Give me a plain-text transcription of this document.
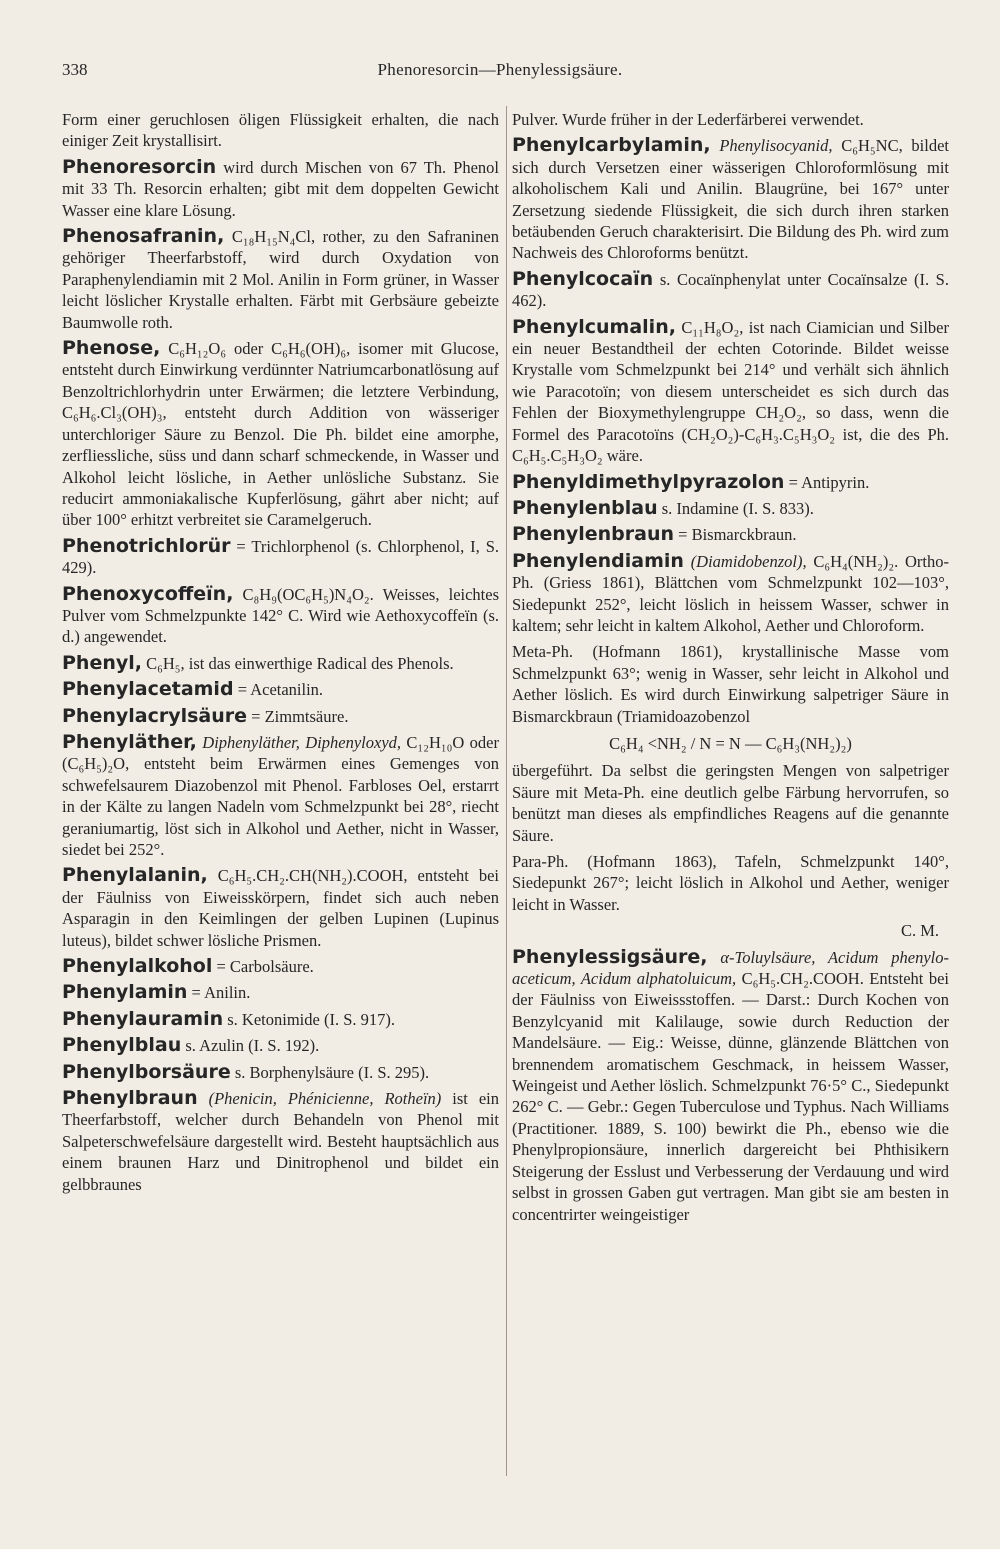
338	Phenoresorcin—Phenylessigsäure.
Form einer geruchlosen öligen Flüssigkeit erhalten, die nach einiger Zeit krystallisirt.
Phenoresorcin wird durch Mischen von 67 Th. Phenol mit 33 Th. Resorcin erhalten; gibt mit dem doppelten Gewicht Wasser eine klare Lösung.
Phenosafranin, C₁₈H₁₅N₄Cl, rother, zu den Safraninen gehöriger Theerfarbstoff, wird durch Oxydation von Paraphenylendiamin mit 2 Mol. Anilin in Form grüner, in Wasser leicht löslicher Krystalle erhalten. Färbt mit Gerbsäure gebeizte Baumwolle roth.
Phenose, C₆H₁₂O₆ oder C₆H₆(OH)₆, isomer mit Glucose, entsteht durch Einwirkung verdünnter Natriumcarbonatlösung auf Benzoltrichlorhydrin unter Erwärmen; die letztere Verbindung, C₆H₆.Cl₃(OH)₃, entsteht durch Addition von wässeriger unterchloriger Säure zu Benzol. Die Ph. bildet eine amorphe, zerfliessliche, süss und dann scharf schmeckende, in Wasser und Alkohol leicht lösliche, in Aether unlösliche Substanz. Sie reducirt ammoniakalische Kupferlösung, gährt aber nicht; auf über 100° erhitzt verbreitet sie Caramelgeruch.
Phenotrichlorür = Trichlorphenol (s. Chlorphenol, I, S. 429).
Phenoxycoffeïn, C₈H₉(OC₆H₅)N₄O₂. Weisses, leichtes Pulver vom Schmelzpunkte 142° C. Wird wie Aethoxycoffeïn (s. d.) angewendet.
Phenyl, C₆H₅, ist das einwerthige Radical des Phenols.
Phenylacetamid = Acetanilin.
Phenylacrylsäure = Zimmtsäure.
Phenyläther, Diphenyläther, Diphenyloxyd, C₁₂H₁₀O oder (C₆H₅)₂O, entsteht beim Erwärmen eines Gemenges von schwefelsaurem Diazobenzol mit Phenol. Farbloses Oel, erstarrt in der Kälte zu langen Nadeln vom Schmelzpunkt bei 28°, riecht geraniumartig, löst sich in Alkohol und Aether, nicht in Wasser, siedet bei 252°.
Phenylalanin, C₆H₅.CH₂.CH(NH₂).COOH, entsteht bei der Fäulniss von Eiweisskörpern, findet sich auch neben Asparagin in den Keimlingen der gelben Lupinen (Lupinus luteus), bildet schwer lösliche Prismen.
Phenylalkohol = Carbolsäure.
Phenylamin = Anilin.
Phenylauramin s. Ketonimide (I. S. 917).
Phenylblau s. Azulin (I. S. 192).
Phenylborsäure s. Borphenylsäure (I. S. 295).
Phenylbraun (Phenicin, Phénicienne, Rotheïn) ist ein Theerfarbstoff, welcher durch Behandeln von Phenol mit Salpeterschwefelsäure dargestellt wird. Besteht hauptsächlich aus einem braunen Harz und Dinitrophenol und bildet ein gelbbraunes
Pulver. Wurde früher in der Lederfärberei verwendet.
Phenylcarbylamin, Phenylisocyanid, C₆H₅NC, bildet sich durch Versetzen einer wässerigen Chloroformlösung mit alkoholischem Kali und Anilin. Blaugrüne, bei 167° unter Zersetzung siedende Flüssigkeit, die sich durch ihren starken betäubenden Geruch charakterisirt. Die Bildung des Ph. wird zum Nachweis des Chloroforms benützt.
Phenylcocaïn s. Cocaïnphenylat unter Cocaïnsalze (I. S. 462).
Phenylcumalin, C₁₁H₈O₂, ist nach Ciamician und Silber ein neuer Bestandtheil der echten Cotorinde. Bildet weisse Krystalle vom Schmelzpunkt bei 214° und verhält sich ähnlich wie Paracotoïn; von diesem unterscheidet es sich durch das Fehlen der Bioxymethylengruppe CH₂O₂, so dass, wenn die Formel des Paracotoïns (CH₂O₂)-C₆H₃.C₅H₃O₂ ist, die des Ph. C₆H₅.C₅H₃O₂ wäre.
Phenyldimethylpyrazolon = Antipyrin.
Phenylenblau s. Indamine (I. S. 833).
Phenylenbraun = Bismarckbraun.
Phenylendiamin (Diamidobenzol), C₆H₄(NH₂)₂. Ortho-Ph. (Griess 1861), Blättchen vom Schmelzpunkt 102—103°, Siedepunkt 252°, leicht löslich in heissem Wasser, schwer in kaltem; sehr leicht in kaltem Alkohol, Aether und Chloroform.
Meta-Ph. (Hofmann 1861), krystallinische Masse vom Schmelzpunkt 63°; wenig in Wasser, sehr leicht in Alkohol und Aether löslich. Es wird durch Einwirkung salpetriger Säure in Bismarckbraun (Triamidoazobenzol
C₆H₄ <NH₂ / N = N — C₆H₃(NH₂)₂)
übergeführt. Da selbst die geringsten Mengen von salpetriger Säure mit Meta-Ph. eine deutlich gelbe Färbung hervorrufen, so benützt man dieses als empfindliches Reagens auf die genannte Säure.
Para-Ph. (Hofmann 1863), Tafeln, Schmelzpunkt 140°, Siedepunkt 267°; leicht löslich in Alkohol und Aether, weniger leicht in Wasser.
C. M.
Phenylessigsäure, α-Toluylsäure, Acidum phenylo-aceticum, Acidum alphatoluicum, C₆H₅.CH₂.COOH. Entsteht bei der Fäulniss von Eiweissstoffen. — Darst.: Durch Kochen von Benzylcyanid mit Kalilauge, sowie durch Reduction der Mandelsäure. — Eig.: Weisse, dünne, glänzende Blättchen von brennendem aromatischem Geschmack, in heissem Wasser, Weingeist und Aether löslich. Schmelzpunkt 76·5° C., Siedepunkt 262° C. — Gebr.: Gegen Tuberculose und Typhus. Nach Williams (Practitioner. 1889, S. 100) bewirkt die Ph., ebenso wie die Phenylpropionsäure, innerlich dargereicht bei Phthisikern Steigerung der Esslust und Verbesserung der Verdauung und wird selbst in grossen Gaben gut vertragen. Man gibt sie am besten in concentrirter weingeistiger
